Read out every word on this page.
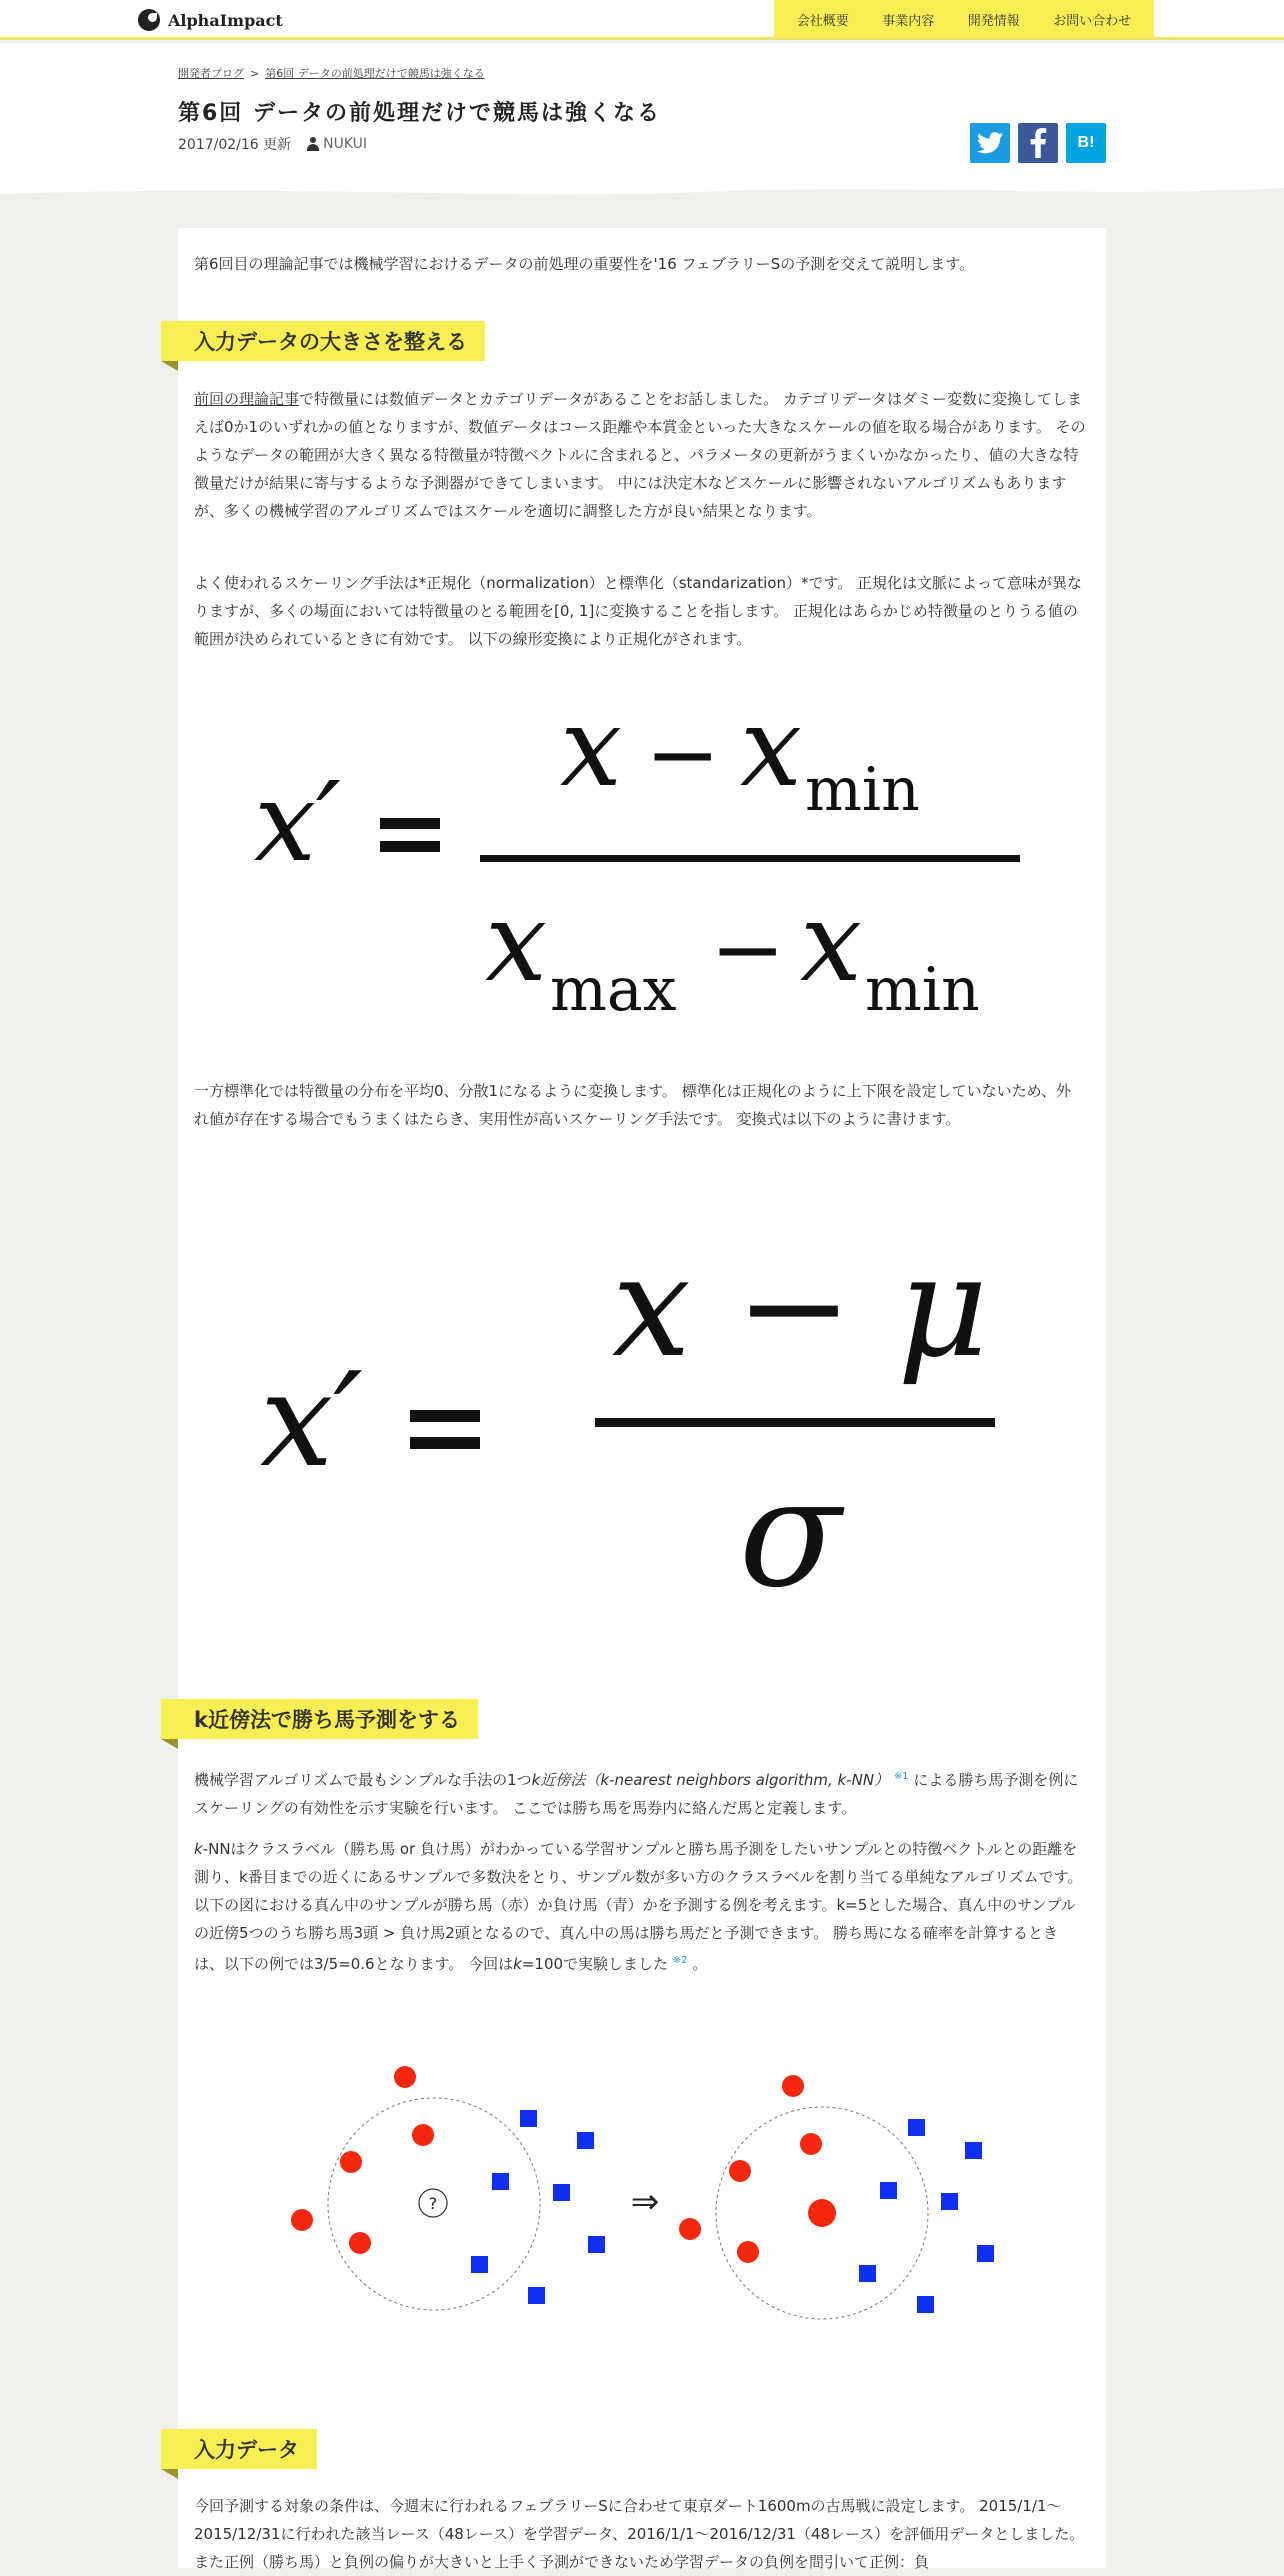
AlphaImpact	会社概要	事業内容	開発情報	お問い合わせ
開発者ブログ > 第6回 データの前処理だけで競馬は強くなる
第6回 データの前処理だけで競馬は強くなる
2017/02/16 更新 NUKUI	B!

第6回目の理論記事では機械学習におけるデータの前処理の重要性を'16 フェブラリーSの予測を交えて説明します。

入力データの大きさを整える

前回の理論記事で特徴量には数値データとカテゴリデータがあることをお話しました。 カテゴリデータはダミー変数に変換してしまえば0か1のいずれかの値となりますが、数値データはコース距離や本賞金といった大きなスケールの値を取る場合があります。 そのようなデータの範囲が大きく異なる特徴量が特徴ベクトルに含まれると、パラメータの更新がうまくいかなかったり、値の大きな特徴量だけが結果に寄与するような予測器ができてしまいます。 中には決定木などスケールに影響されないアルゴリズムもありますが、多くの機械学習のアルゴリズムではスケールを適切に調整した方が良い結果となります。

よく使われるスケーリング手法は*正規化（normalization）と標準化（standarization）*です。 正規化は文脈によって意味が異なりますが、多くの場面においては特徴量のとる範囲を[0, 1]に変換することを指します。 正規化はあらかじめ特徴量のとりうる値の範囲が決められているときに有効です。 以下の線形変換により正規化がされます。

x′
x − x min
x max − x min

一方標準化では特徴量の分布を平均0、分散1になるように変換します。 標準化は正規化のように上下限を設定していないため、外れ値が存在する場合でもうまくはたらき、実用性が高いスケーリング手法です。 変換式は以下のように書けます。

x′
x − μ
σ
k近傍法で勝ち馬予測をする

機械学習アルゴリズムで最もシンプルな手法の1つk近傍法（k-nearest neighbors algorithm, k-NN） $^{※1}$ による勝ち馬予測を例にスケーリングの有効性を示す実験を行います。 ここでは勝ち馬を馬券内に絡んだ馬と定義します。

k-NNはクラスラベル（勝ち馬 or 負け馬）がわかっている学習サンプルと勝ち馬予測をしたいサンプルとの特徴ベクトルとの距離を測り、k番目までの近くにあるサンプルで多数決をとり、サンプル数が多い方のクラスラベルを割り当てる単純なアルゴリズムです。 以下の図における真ん中のサンプルが勝ち馬（赤）か負け馬（青）かを予測する例を考えます。k=5とした場合、真ん中のサンプルの近傍5つのうち勝ち馬3頭 > 負け馬2頭となるので、真ん中の馬は勝ち馬だと予測できます。 勝ち馬になる確率を計算するときは、以下の例では3/5=0.6となります。 今回はk=100で実験しました $^{※2}$ 。

?	⇒
入力データ

今回予測する対象の条件は、今週末に行われるフェブラリーSに合わせて東京ダート1600mの古馬戦に設定します。 2015/1/1〜2015/12/31に行われた該当レース（48レース）を学習データ、2016/1/1〜2016/12/31（48レース）を評価用データとしました。 また正例（勝ち馬）と負例の偏りが大きいと上手く予測ができないため学習データの負例を間引いて正例：負
